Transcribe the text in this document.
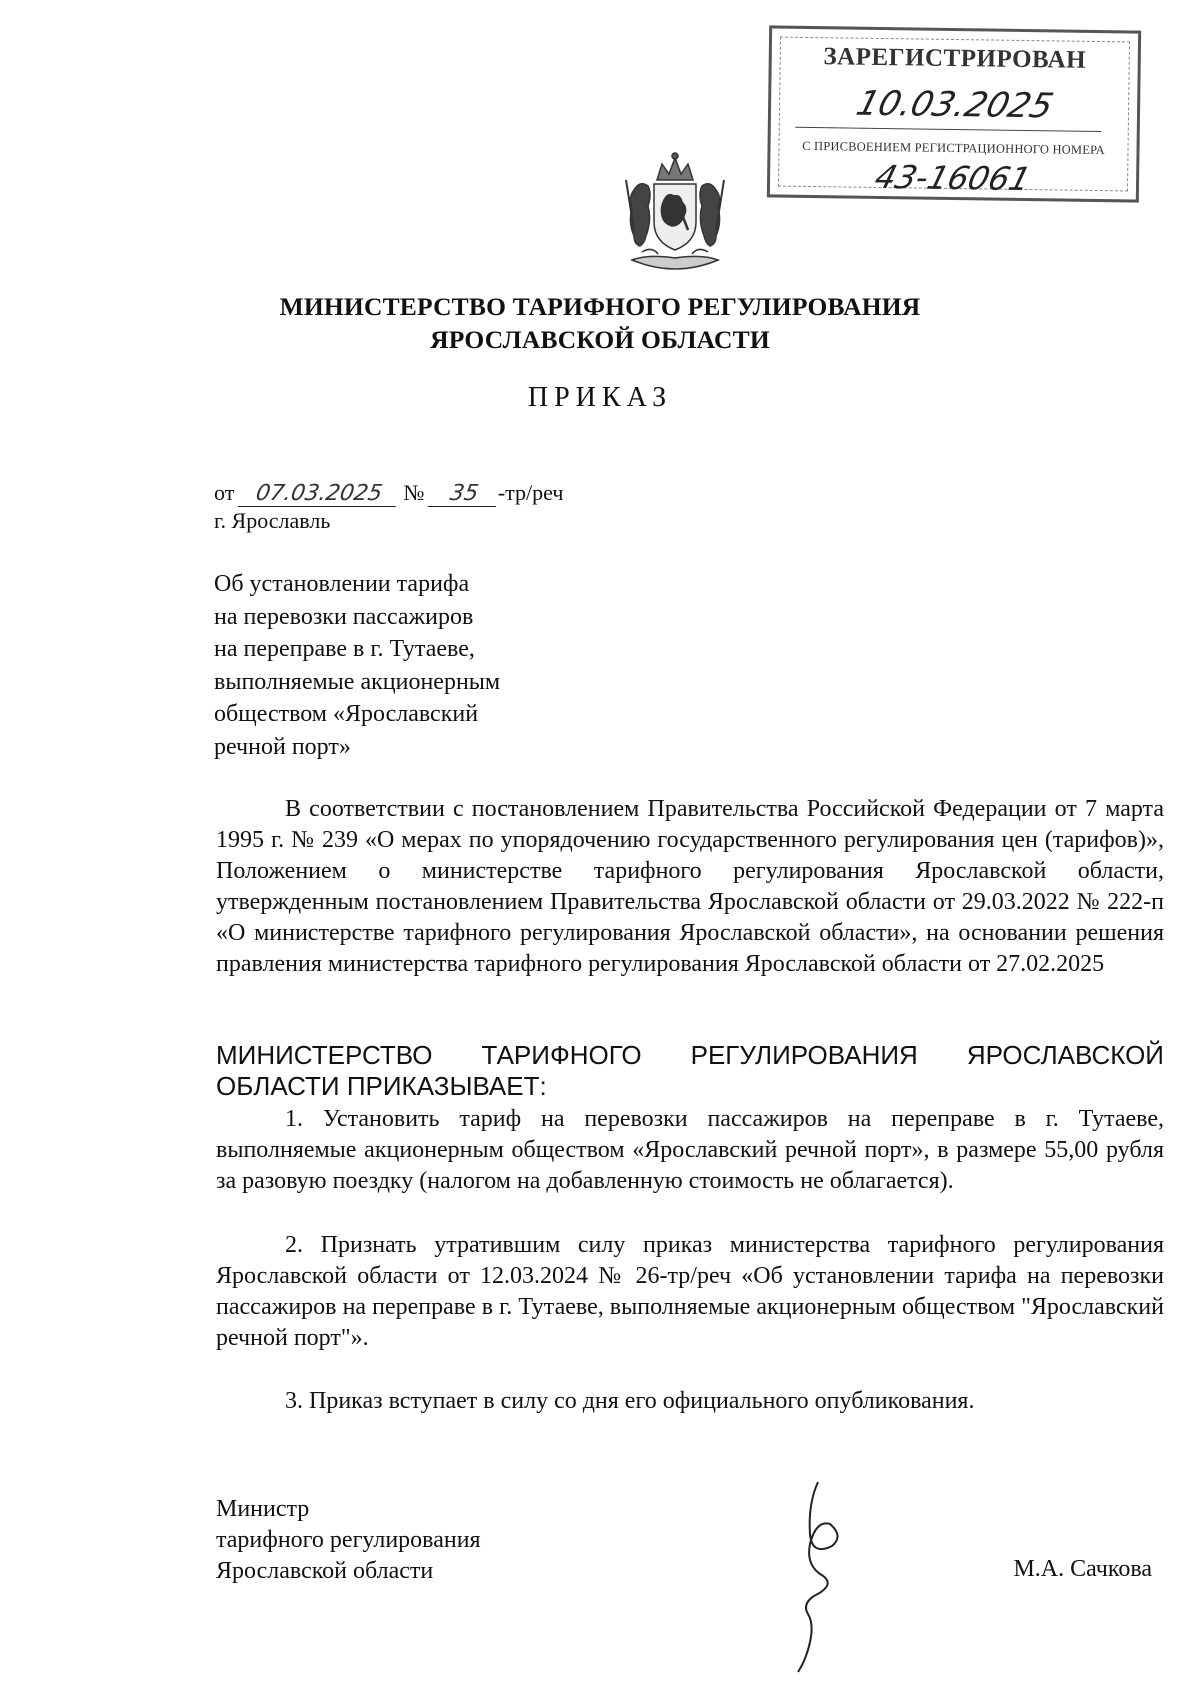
ЗАРЕГИСТРИРОВАН
10.03.2025
С ПРИСВОЕНИЕМ РЕГИСТРАЦИОННОГО НОМЕРА
43-16061
МИНИСТЕРСТВО ТАРИФНОГО РЕГУЛИРОВАНИЯ
ЯРОСЛАВСКОЙ ОБЛАСТИ
ПРИКАЗ
от 07.03.2025 № 35 -тр/реч
г. Ярославль
Об установлении тарифа
на перевозки пассажиров
на переправе в г. Тутаеве,
выполняемые акционерным
обществом «Ярославский
речной порт»
В соответствии с постановлением Правительства Российской Федерации от 7 марта 1995 г. № 239 «О мерах по упорядочению государственного регулирования цен (тарифов)», Положением о министерстве тарифного регулирования Ярославской области, утвержденным постановлением Правительства Ярославской области от 29.03.2022 № 222-п «О министерстве тарифного регулирования Ярославской области», на основании решения правления министерства тарифного регулирования Ярославской области от 27.02.2025
МИНИСТЕРСТВО ТАРИФНОГО РЕГУЛИРОВАНИЯ ЯРОСЛАВСКОЙ ОБЛАСТИ ПРИКАЗЫВАЕТ:
1. Установить тариф на перевозки пассажиров на переправе в г. Тутаеве, выполняемые акционерным обществом «Ярославский речной порт», в размере 55,00 рубля за разовую поездку (налогом на добавленную стоимость не облагается).
2. Признать утратившим силу приказ министерства тарифного регулирования Ярославской области от 12.03.2024 № 26-тр/реч «Об установлении тарифа на перевозки пассажиров на переправе в г. Тутаеве, выполняемые акционерным обществом "Ярославский речной порт"».
3. Приказ вступает в силу со дня его официального опубликования.
Министр
тарифного регулирования
Ярославской области	М.А. Сачкова
